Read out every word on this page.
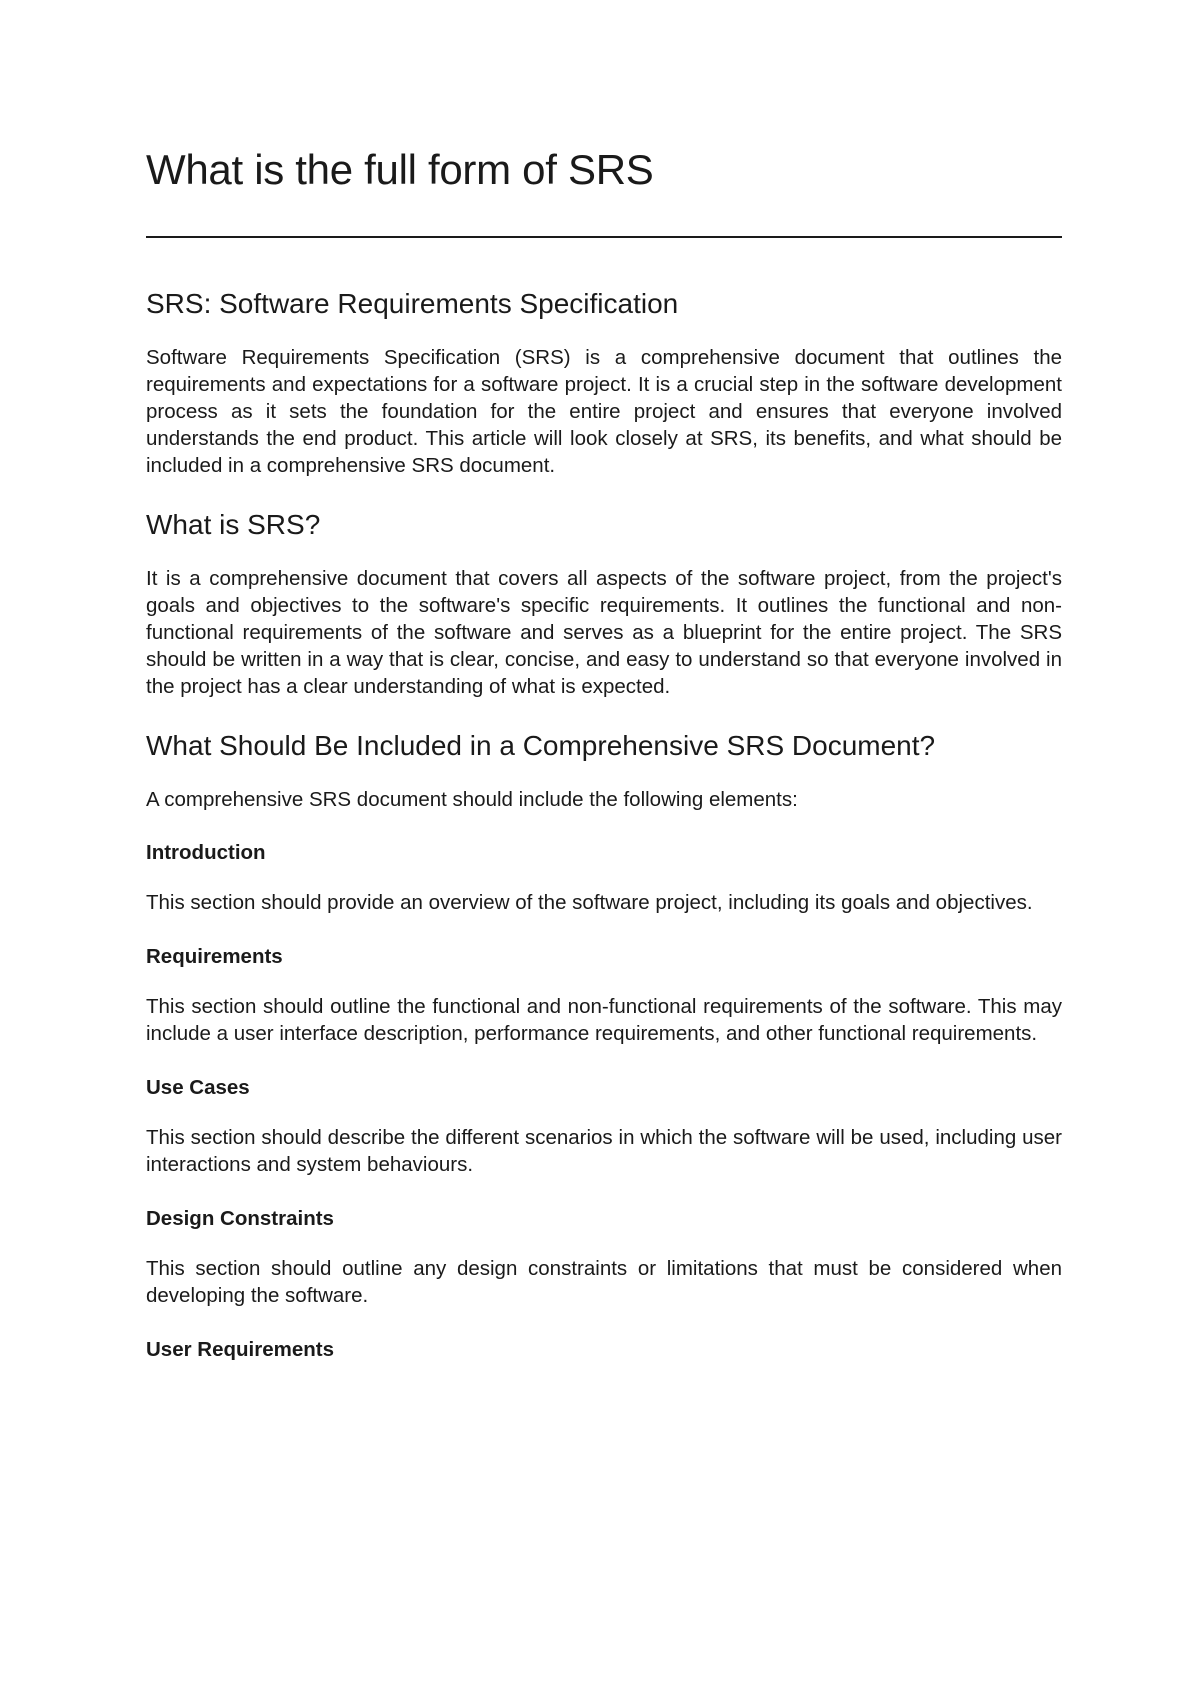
What is the full form of SRS
SRS: Software Requirements Specification

Software Requirements Specification (SRS) is a comprehensive document that outlines the requirements and expectations for a software project. It is a crucial step in the software development process as it sets the foundation for the entire project and ensures that everyone involved understands the end product. This article will look closely at SRS, its benefits, and what should be included in a comprehensive SRS document.

What is SRS?

It is a comprehensive document that covers all aspects of the software project, from the project's goals and objectives to the software's specific requirements. It outlines the functional and non-functional requirements of the software and serves as a blueprint for the entire project. The SRS should be written in a way that is clear, concise, and easy to understand so that everyone involved in the project has a clear understanding of what is expected.

What Should Be Included in a Comprehensive SRS Document?

A comprehensive SRS document should include the following elements:

Introduction

This section should provide an overview of the software project, including its goals and objectives.

Requirements

This section should outline the functional and non-functional requirements of the software. This may include a user interface description, performance requirements, and other functional requirements.

Use Cases

This section should describe the different scenarios in which the software will be used, including user interactions and system behaviours.

Design Constraints

This section should outline any design constraints or limitations that must be considered when developing the software.

User Requirements
